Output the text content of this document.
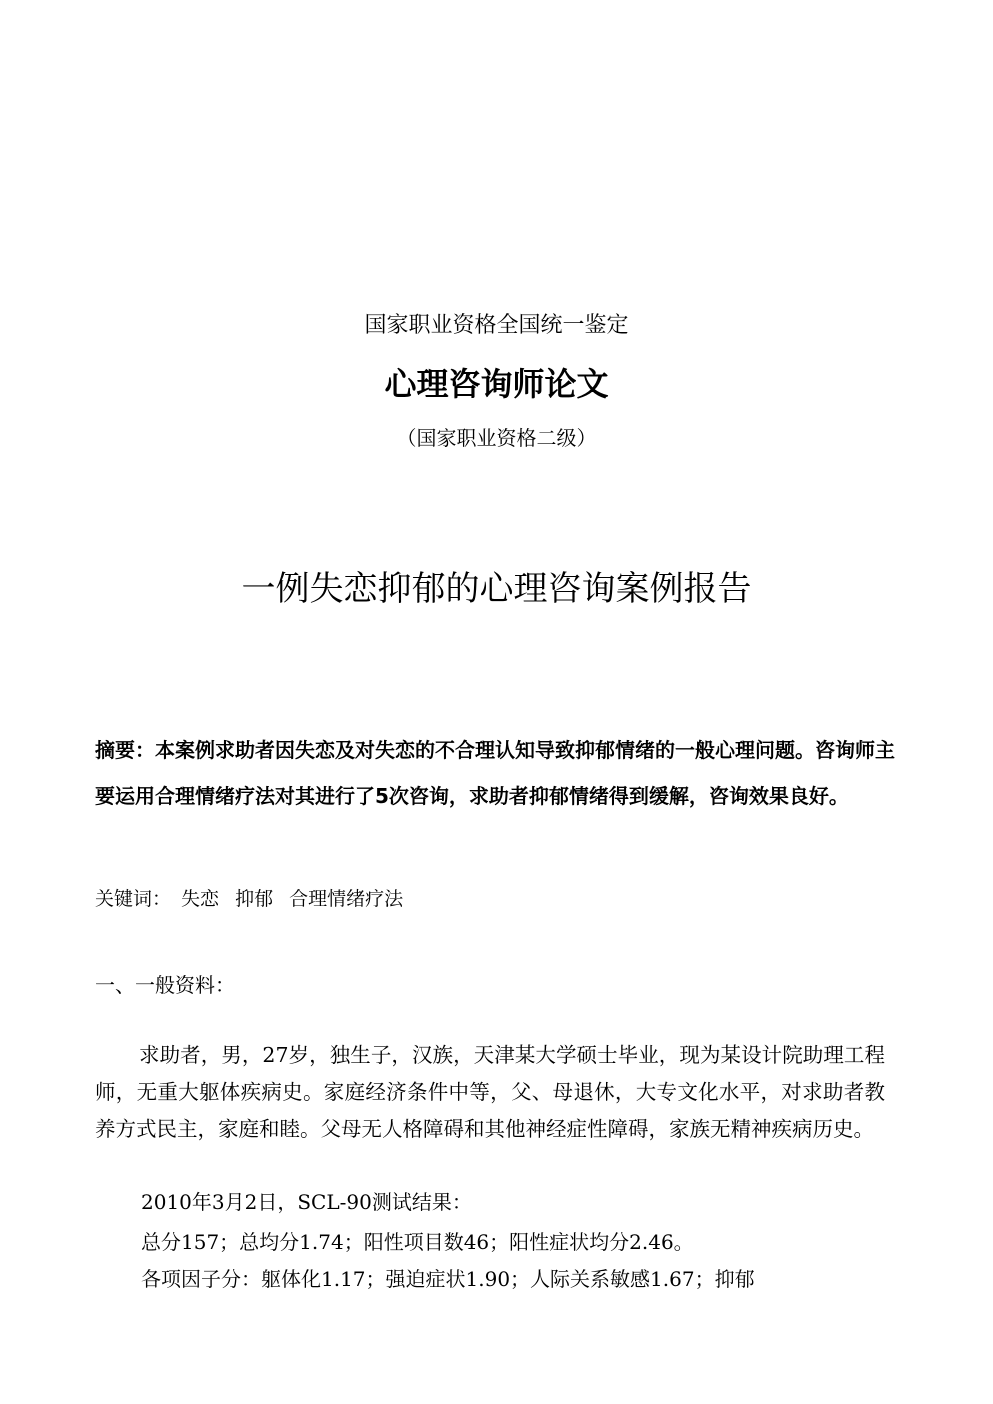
国家职业资格全国统一鉴定
心理咨询师论文
（国家职业资格二级）
一例失恋抑郁的心理咨询案例报告
摘要：本案例求助者因失恋及对失恋的不合理认知导致抑郁情绪的一般心理问题。咨询师主要运用合理情绪疗法对其进行了5次咨询，求助者抑郁情绪得到缓解，咨询效果良好。
关键词： 失恋 抑郁 合理情绪疗法
一、一般资料：
求助者，男，27岁，独生子，汉族，天津某大学硕士毕业，现为某设计院助理工程师，无重大躯体疾病史。家庭经济条件中等，父、母退休，大专文化水平，对求助者教养方式民主，家庭和睦。父母无人格障碍和其他神经症性障碍，家族无精神疾病历史。
2010年3月2日，SCL-90测试结果：
总分157；总均分1.74；阳性项目数46；阳性症状均分2.46。
各项因子分：躯体化1.17；强迫症状1.90；人际关系敏感1.67；抑郁
